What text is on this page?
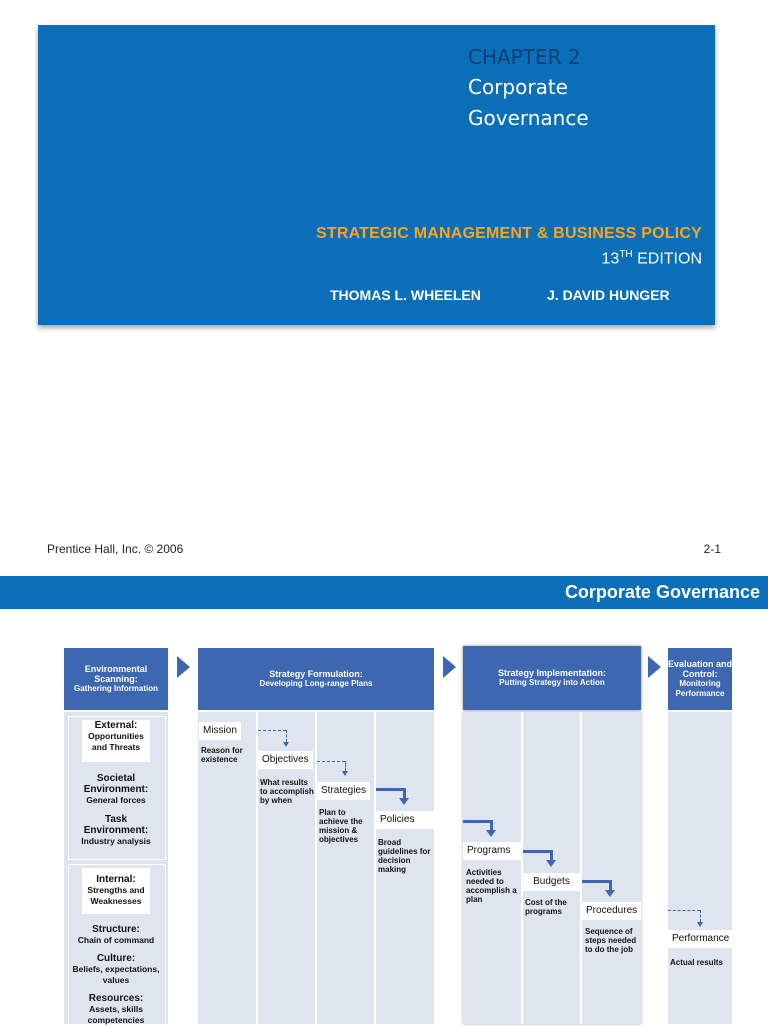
CHAPTER 2
Corporate
Governance
STRATEGIC MANAGEMENT & BUSINESS POLICY
13TH EDITION
THOMAS L. WHEELEN	J. DAVID HUNGER
Prentice Hall, Inc. © 2006	2-1
Corporate Governance
Environmental Scanning:
Gathering Information
Strategy Formulation:
Developing Long-range Plans
Strategy Implementation:
Putting Strategy into Action
Evaluation and Control:
Monitoring Performance
External:
Opportunities and Threats
Societal Environment:
General forces
Task Environment:
Industry analysis
Internal:
Strengths and Weaknesses
Structure:
Chain of command
Culture:
Beliefs, expectations, values
Resources:
Assets, skills competencies
Mission
Reason for existence	Objectives
What results to accomplish by when
Strategies
Plan to achieve the mission & objectives
Policies
Broad guidelines for decision making
Programs
Activities needed to accomplish a plan
Budgets
Cost of the programs	Procedures
Sequence of steps needed to do the job
Performance
Actual results
